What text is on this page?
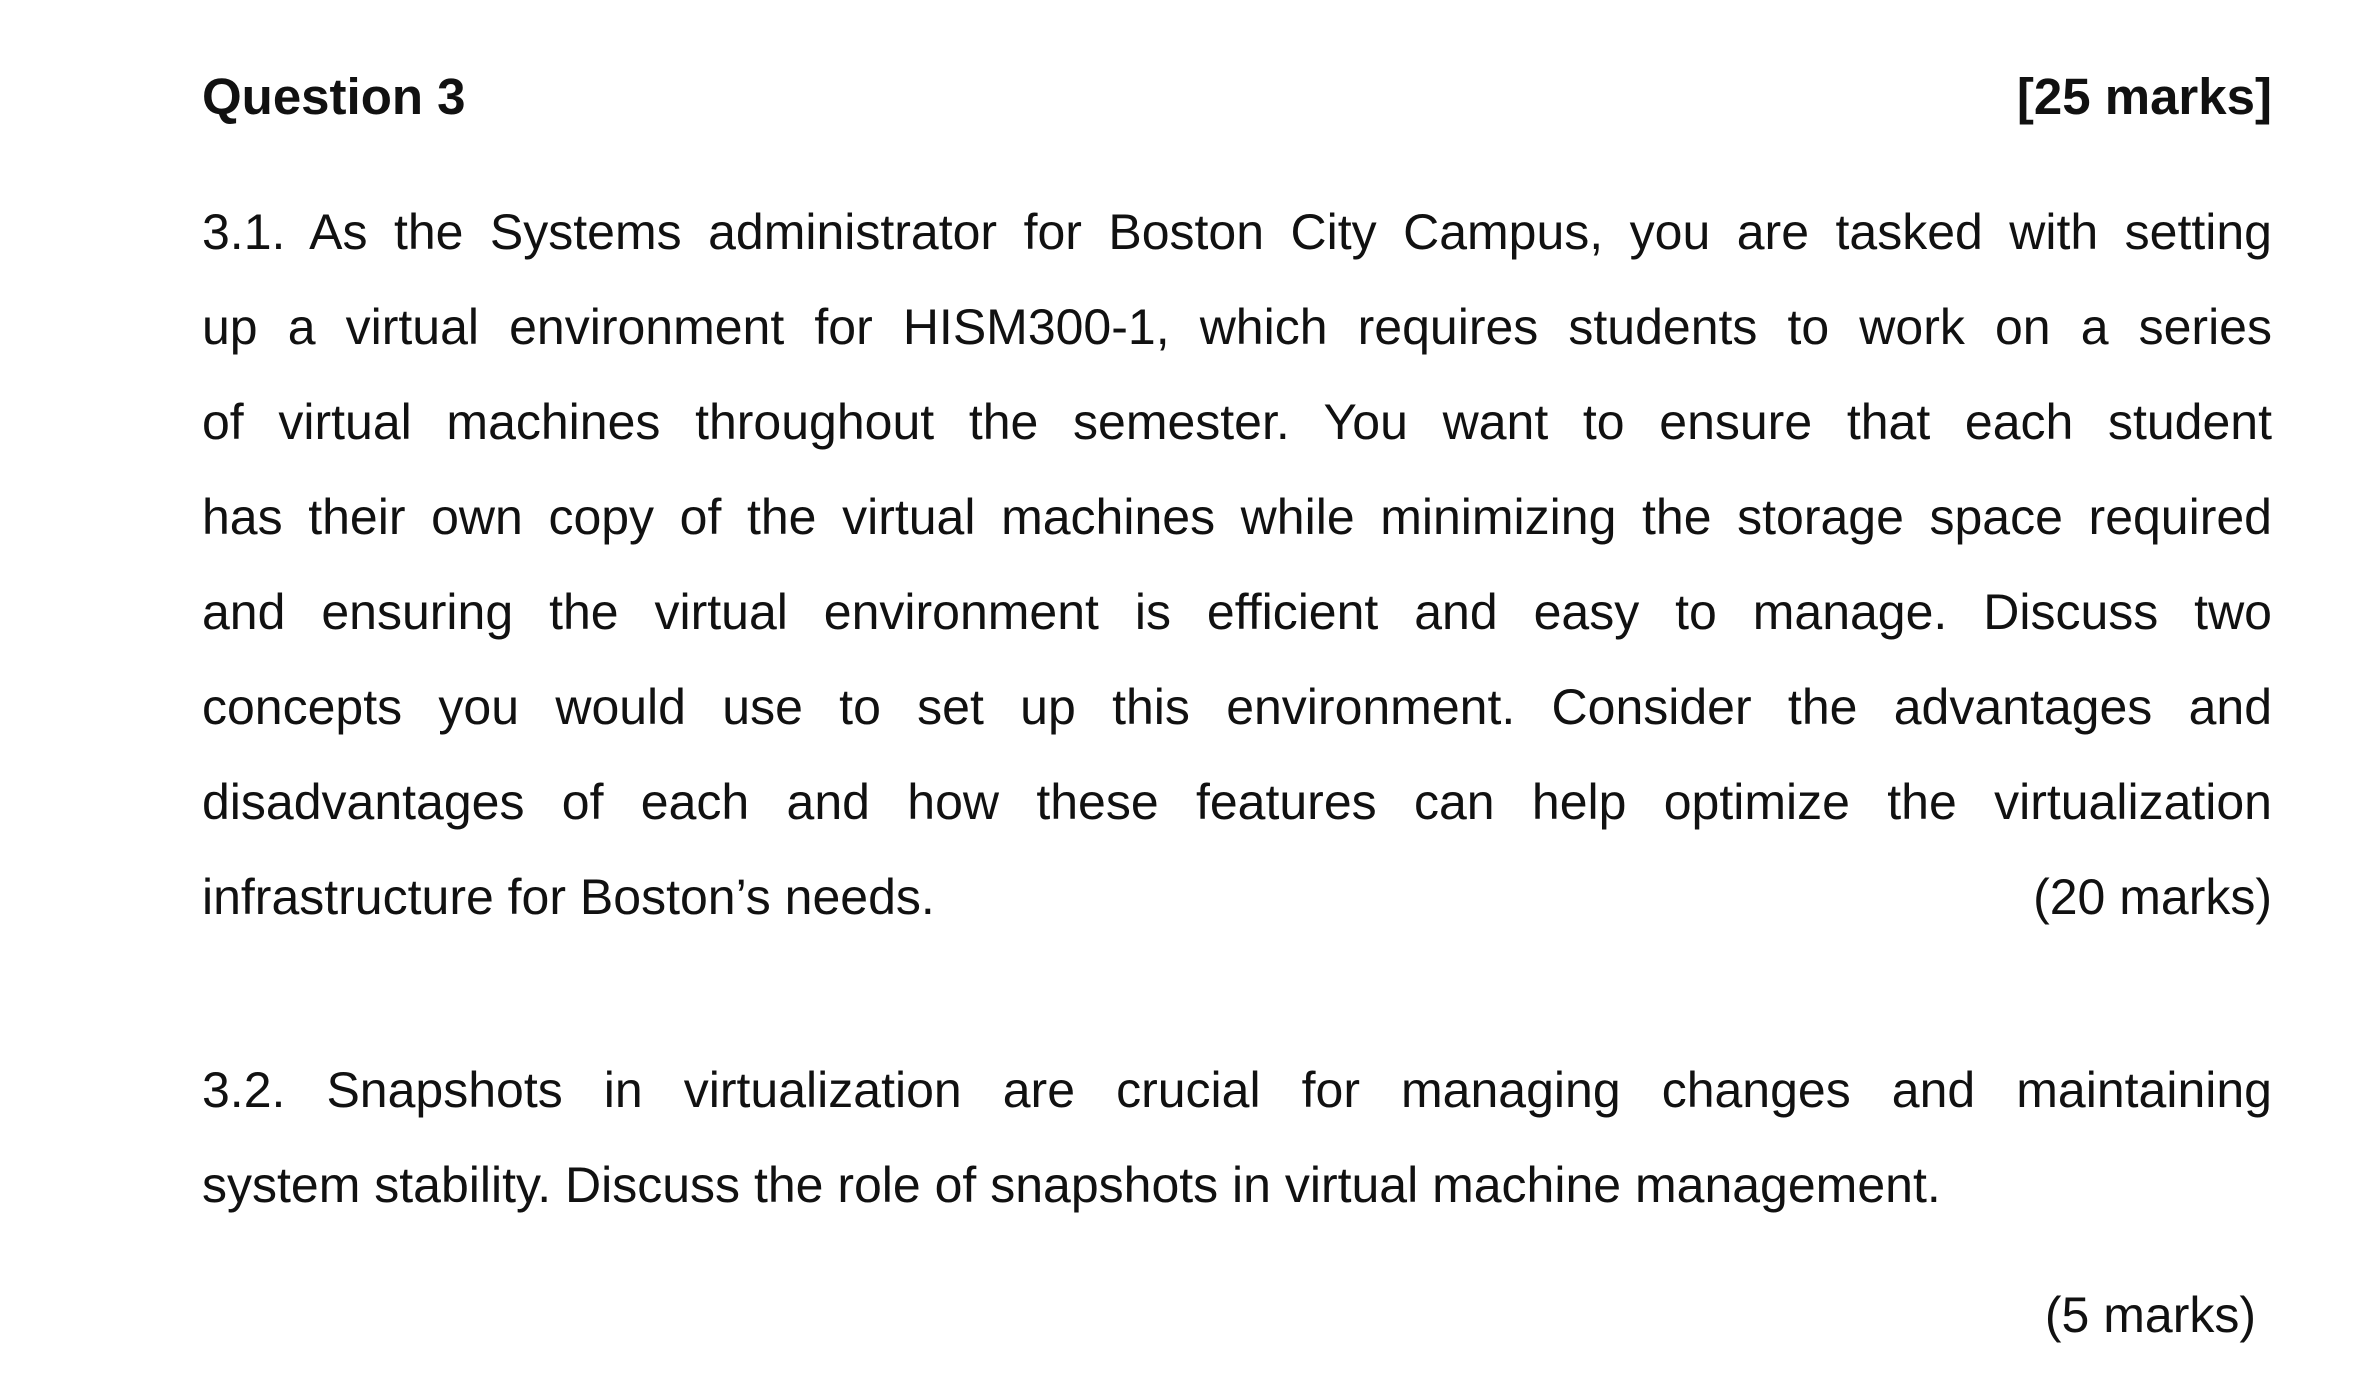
Question 3	[25 marks]
3.1. As the Systems administrator for Boston City Campus, you are tasked with setting
up a virtual environment for HISM300-1, which requires students to work on a series
of virtual machines throughout the semester. You want to ensure that each student
has their own copy of the virtual machines while minimizing the storage space required
and ensuring the virtual environment is efficient and easy to manage. Discuss two
concepts you would use to set up this environment. Consider the advantages and
disadvantages of each and how these features can help optimize the virtualization
infrastructure for Boston’s needs.	(20 marks)
3.2. Snapshots in virtualization are crucial for managing changes and maintaining
system stability. Discuss the role of snapshots in virtual machine management.
(5 marks)
